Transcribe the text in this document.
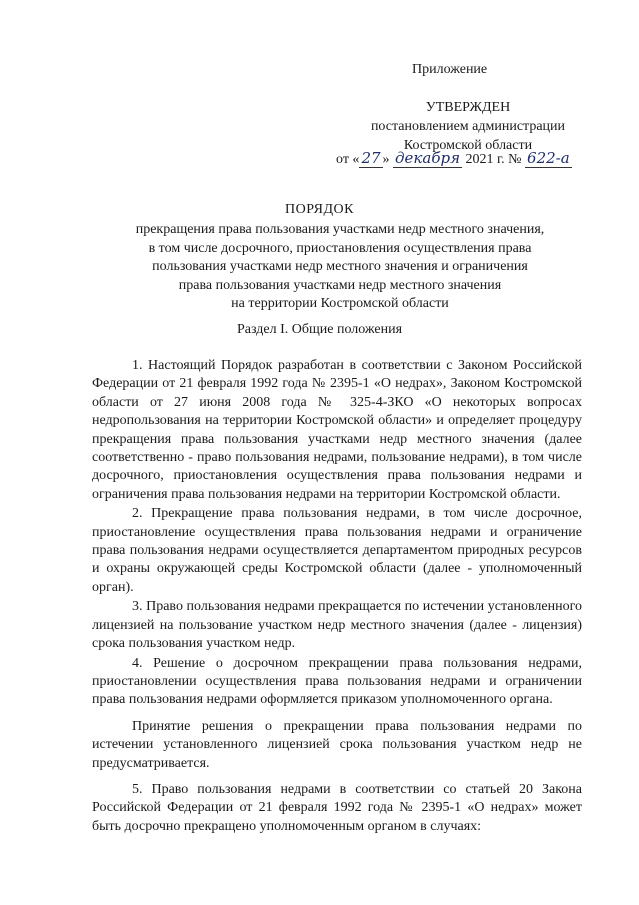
Приложение
УТВЕРЖДЕН
постановлением администрации
Костромской области
от « 27 » декабря 2021 г. № 622-а
ПОРЯДОК
прекращения права пользования участками недр местного значения,
в том числе досрочного, приостановления осуществления права
пользования участками недр местного значения и ограничения
права пользования участками недр местного значения
на территории Костромской области
Раздел I. Общие положения

1. Настоящий Порядок разработан в соответствии с Законом Российской Федерации от 21 февраля 1992 года № 2395-1 «О недрах», Законом Костромской области от 27 июня 2008 года № 325-4-ЗКО «О некоторых вопросах недропользования на территории Костромской области» и определяет процедуру прекращения права пользования участками недр местного значения (далее соответственно - право пользования недрами, пользование недрами), в том числе досрочного, приостановления осуществления права пользования недрами и ограничения права пользования недрами на территории Костромской области.

2. Прекращение права пользования недрами, в том числе досрочное, приостановление осуществления права пользования недрами и ограничение права пользования недрами осуществляется департаментом природных ресурсов и охраны окружающей среды Костромской области (далее - уполномоченный орган).

3. Право пользования недрами прекращается по истечении установленного лицензией на пользование участком недр местного значения (далее - лицензия) срока пользования участком недр.

4. Решение о досрочном прекращении права пользования недрами, приостановлении осуществления права пользования недрами и ограничении права пользования недрами оформляется приказом уполномоченного органа.

Принятие решения о прекращении права пользования недрами по истечении установленного лицензией срока пользования участком недр не предусматривается.

5. Право пользования недрами в соответствии со статьей 20 Закона Российской Федерации от 21 февраля 1992 года № 2395-1 «О недрах» может быть досрочно прекращено уполномоченным органом в случаях:
